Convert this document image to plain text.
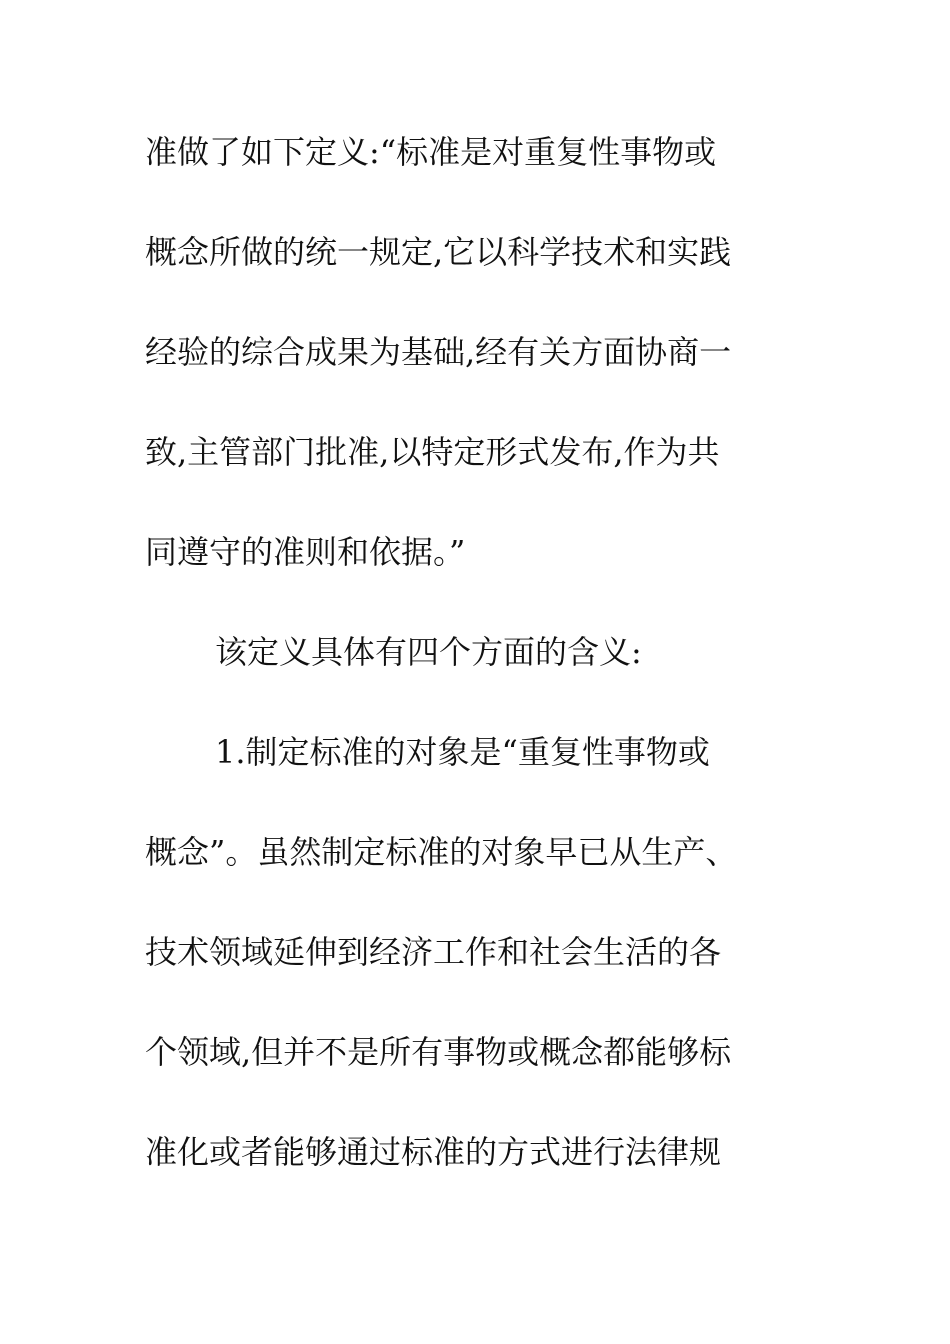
准做了如下定义:“标准是对重复性事物或
概念所做的统一规定,它以科学技术和实践
经验的综合成果为基础,经有关方面协商一
致,主管部门批准,以特定形式发布,作为共
同遵守的准则和依据。”
该定义具体有四个方面的含义:
1.制定标准的对象是“重复性事物或
概念”。虽然制定标准的对象早已从生产、
技术领域延伸到经济工作和社会生活的各
个领域,但并不是所有事物或概念都能够标
准化或者能够通过标准的方式进行法律规
